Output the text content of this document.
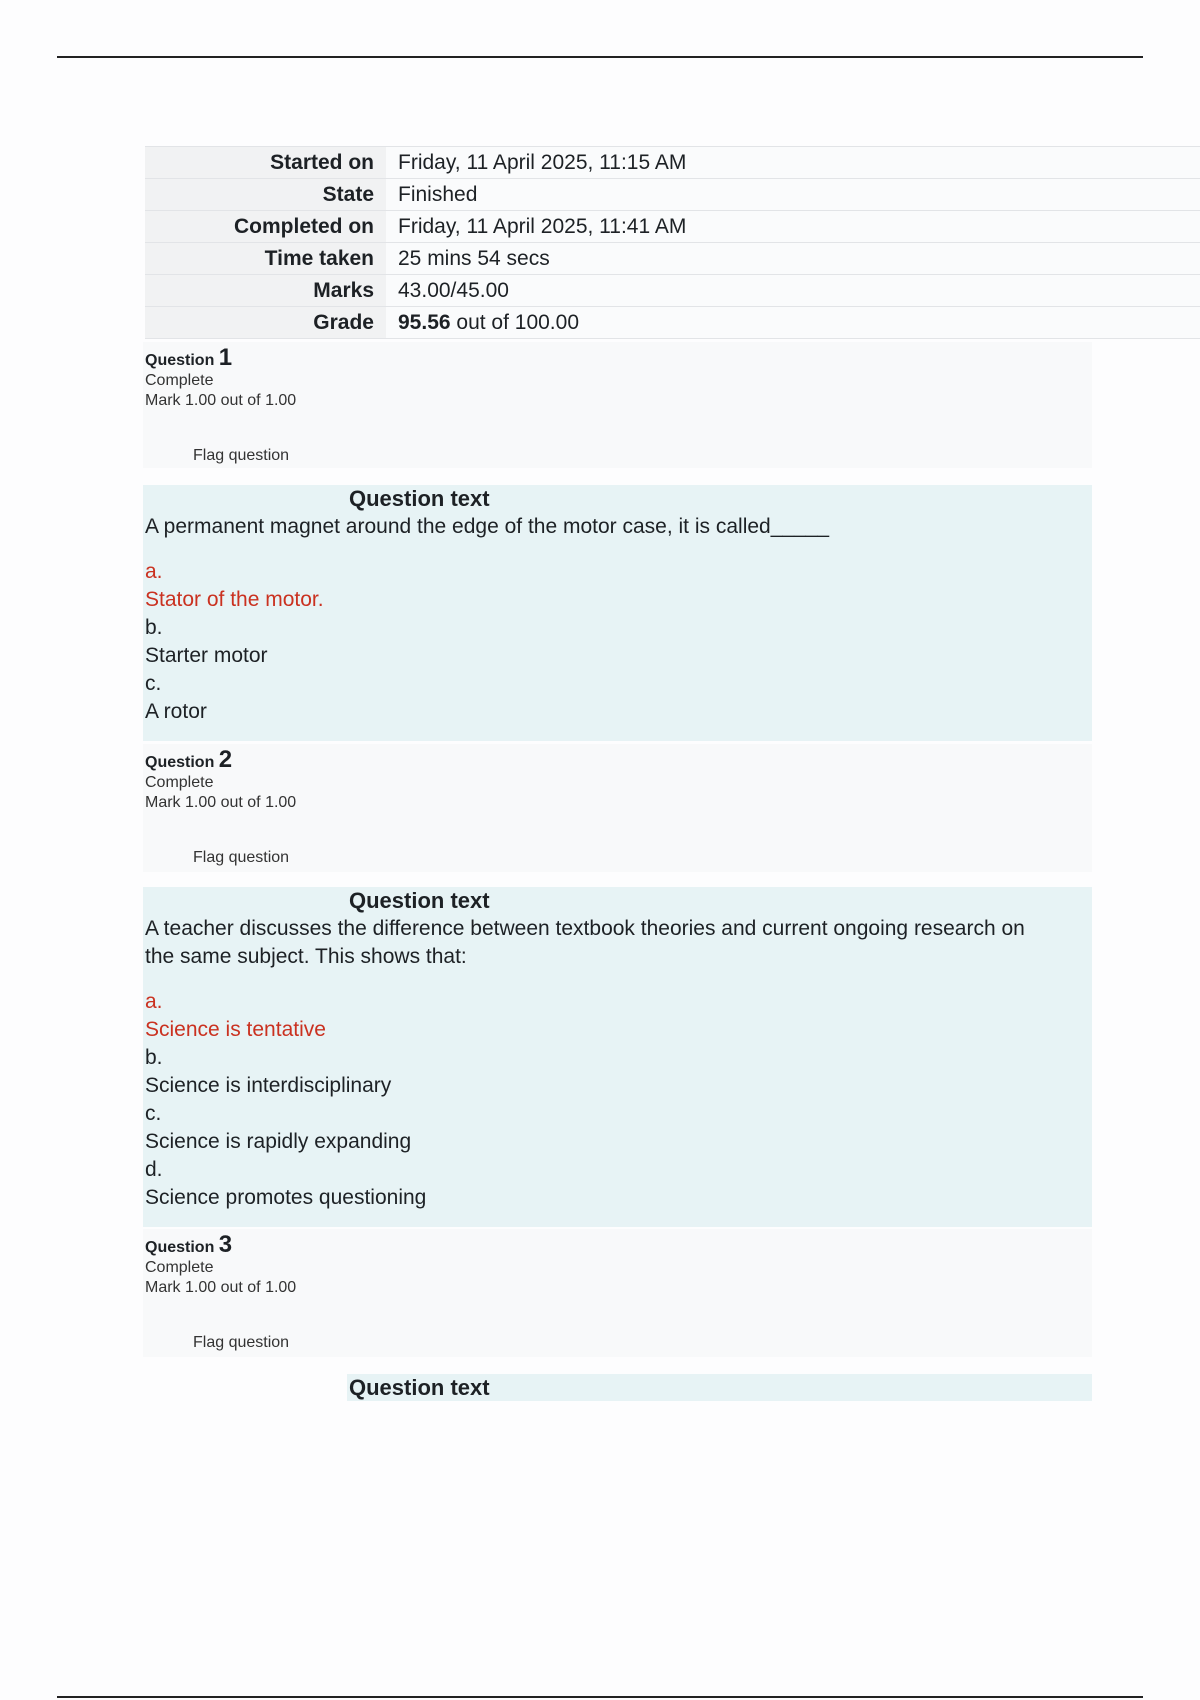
Started on	Friday, 11 April 2025, 11:15 AM
State	Finished
Completed on	Friday, 11 April 2025, 11:41 AM
Time taken	25 mins 54 secs
Marks	43.00/45.00
Grade	95.56 out of 100.00
Question 1
Complete
Mark 1.00 out of 1.00
Flag question
Question text
A permanent magnet around the edge of the motor case, it is called_____
a.
Stator of the motor.
b.
Starter motor
c.
A rotor
Question 2
Complete
Mark 1.00 out of 1.00
Flag question
Question text
A teacher discusses the difference between textbook theories and current ongoing research on the same subject. This shows that:
a.
Science is tentative
b.
Science is interdisciplinary
c.
Science is rapidly expanding
d.
Science promotes questioning
Question 3
Complete
Mark 1.00 out of 1.00
Flag question
Question text
